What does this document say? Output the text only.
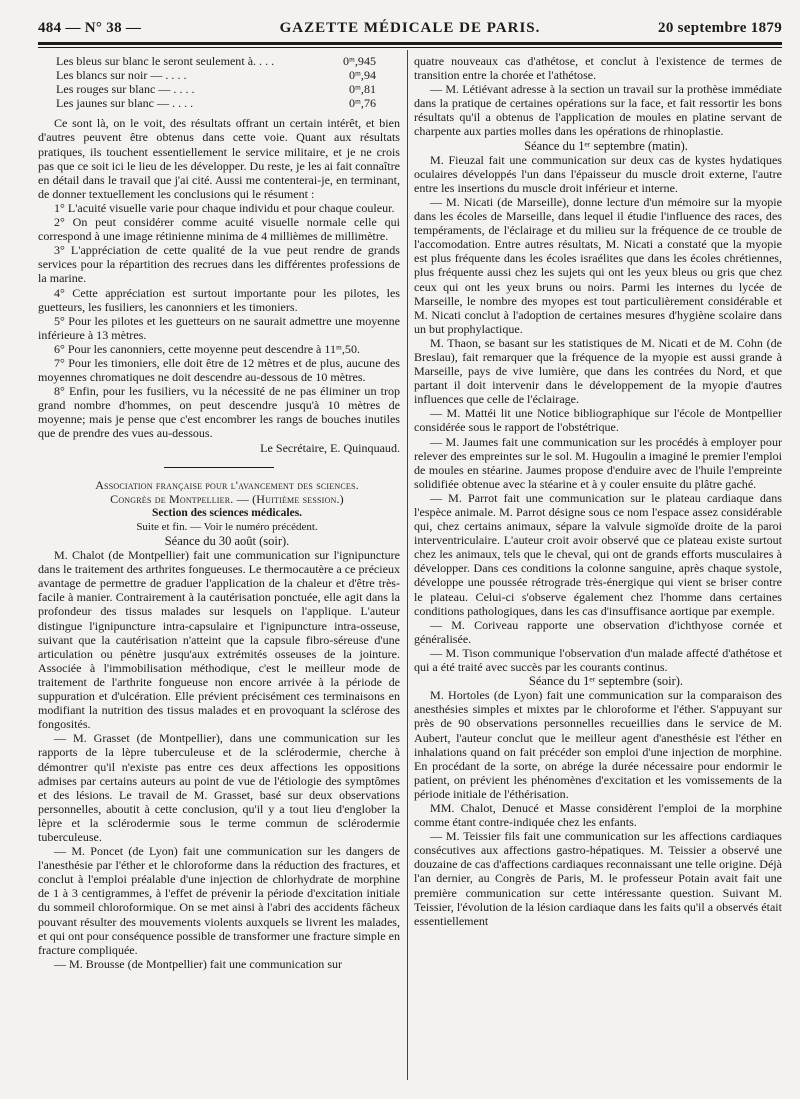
484 — N° 38 —	GAZETTE MÉDICALE DE PARIS.	20 septembre 1879
Les bleus sur blanc le seront seulement à. . . .	0ᵐ,945
Les blancs sur noir — . . . .	0ᵐ,94
Les rouges sur blanc — . . . .	0ᵐ,81
Les jaunes sur blanc — . . . .	0ᵐ,76

Ce sont là, on le voit, des résultats offrant un certain intérêt, et bien d'autres peuvent être obtenus dans cette voie. Quant aux résultats pratiques, ils touchent essentiellement le service militaire, et je ne crois pas que ce soit ici le lieu de les développer. Du reste, je les ai fait connaître en détail dans le travail que j'ai cité. Aussi me contenterai-je, en terminant, de donner textuellement les conclusions qui le résument :

1° L'acuité visuelle varie pour chaque individu et pour chaque couleur.

2° On peut considérer comme acuité visuelle normale celle qui correspond à une image rétinienne minima de 4 millièmes de millimètre.

3° L'appréciation de cette qualité de la vue peut rendre de grands services pour la répartition des recrues dans les différentes professions de la marine.

4° Cette appréciation est surtout importante pour les pilotes, les guetteurs, les fusiliers, les canonniers et les timoniers.

5° Pour les pilotes et les guetteurs on ne saurait admettre une moyenne inférieure à 13 mètres.

6° Pour les canonniers, cette moyenne peut descendre à 11ᵐ,50.

7° Pour les timoniers, elle doit être de 12 mètres et de plus, aucune des moyennes chromatiques ne doit descendre au-dessous de 10 mètres.

8° Enfin, pour les fusiliers, vu la nécessité de ne pas éliminer un trop grand nombre d'hommes, on peut descendre jusqu'à 10 mètres de moyenne; mais je pense que c'est encombrer les rangs de bouches inutiles que de prendre des vues au-dessous.

Le Secrétaire, E. Quinquaud.

Association française pour l'avancement des sciences.

Congrès de Montpellier. — (Huitième session.)

Section des sciences médicales.

Suite et fin. — Voir le numéro précédent.

Séance du 30 août (soir).

M. Chalot (de Montpellier) fait une communication sur l'ignipuncture dans le traitement des arthrites fongueuses. Le thermocautère a ce précieux avantage de permettre de graduer l'application de la chaleur et d'être très-facile à manier. Contrairement à la cautérisation ponctuée, elle agit dans la profondeur des tissus malades sur lesquels on l'applique. L'auteur distingue l'ignipuncture intra-capsulaire et l'ignipuncture intra-osseuse, suivant que la cautérisation n'atteint que la capsule fibro-séreuse d'une articulation ou pénètre jusqu'aux extrémités osseuses de la jointure. Associée à l'immobilisation méthodique, c'est le meilleur mode de traitement de l'arthrite fongueuse non encore arrivée à la période de suppuration et d'ulcération. Elle prévient précisément ces terminaisons en modifiant la nutrition des tissus malades et en provoquant la sclérose des fongosités.

— M. Grasset (de Montpellier), dans une communication sur les rapports de la lèpre tuberculeuse et de la sclérodermie, cherche à démontrer qu'il n'existe pas entre ces deux affections les oppositions admises par certains auteurs au point de vue de l'étiologie des symptômes et des lésions. Le travail de M. Grasset, basé sur deux observations personnelles, aboutit à cette conclusion, qu'il y a tout lieu d'englober la lèpre et la sclérodermie sous le terme commun de sclérodermie tuberculeuse.

— M. Poncet (de Lyon) fait une communication sur les dangers de l'anesthésie par l'éther et le chloroforme dans la réduction des fractures, et conclut à l'emploi préalable d'une injection de chlorhydrate de morphine de 1 à 3 centigrammes, à l'effet de prévenir la période d'excitation initiale du sommeil chloroformique. On se met ainsi à l'abri des accidents fâcheux pouvant résulter des mouvements violents auxquels se livrent les malades, et qui ont pour conséquence possible de transformer une fracture simple en fracture compliquée.

— M. Brousse (de Montpellier) fait une communication sur

quatre nouveaux cas d'athétose, et conclut à l'existence de termes de transition entre la chorée et l'athétose.

— M. Létiévant adresse à la section un travail sur la prothèse immédiate dans la pratique de certaines opérations sur la face, et fait ressortir les bons résultats qu'il a obtenus de l'application de moules en platine servant de charpente aux parties molles dans les opérations de rhinoplastie.

Séance du 1ᵉʳ septembre (matin).

M. Fieuzal fait une communication sur deux cas de kystes hydatiques oculaires développés l'un dans l'épaisseur du muscle droit externe, l'autre entre les insertions du muscle droit inférieur et interne.

— M. Nicati (de Marseille), donne lecture d'un mémoire sur la myopie dans les écoles de Marseille, dans lequel il étudie l'influence des races, des tempéraments, de l'éclairage et du milieu sur la fréquence de ce trouble de l'accomodation. Entre autres résultats, M. Nicati a constaté que la myopie est plus fréquente dans les écoles israélites que dans les écoles chrétiennes, plus fréquente aussi chez les sujets qui ont les yeux bleus ou gris que chez ceux qui ont les yeux bruns ou noirs. Parmi les internes du lycée de Marseille, le nombre des myopes est tout particulièrement considérable et M. Nicati conclut à l'adoption de certaines mesures d'hygiène scolaire dans un but prophylactique.

M. Thaon, se basant sur les statistiques de M. Nicati et de M. Cohn (de Breslau), fait remarquer que la fréquence de la myopie est aussi grande à Marseille, pays de vive lumière, que dans les contrées du Nord, et que partant il doit intervenir dans le développement de la myopie d'autres influences que celle de l'éclairage.

— M. Mattéi lit une Notice bibliographique sur l'école de Montpellier considérée sous le rapport de l'obstétrique.

— M. Jaumes fait une communication sur les procédés à employer pour relever des empreintes sur le sol. M. Hugoulin a imaginé le premier l'emploi de moules en stéarine. Jaumes propose d'enduire avec de l'huile l'empreinte solidifiée obtenue avec la stéarine et à y couler ensuite du plâtre gaché.

— M. Parrot fait une communication sur le plateau cardiaque dans l'espèce animale. M. Parrot désigne sous ce nom l'espace assez considérable qui, chez certains animaux, sépare la valvule sigmoïde droite de la paroi interventriculaire. L'auteur croit avoir observé que ce plateau existe surtout chez les animaux, tels que le cheval, qui ont de grands efforts musculaires à développer. Dans ces conditions la colonne sanguine, après chaque systole, développe une poussée rétrograde très-énergique qui vient se briser contre le plateau. Celui-ci s'observe également chez l'homme dans certaines conditions pathologiques, dans les cas d'insuffisance aortique par exemple.

— M. Coriveau rapporte une observation d'ichthyose cornée et généralisée.

— M. Tison communique l'observation d'un malade affecté d'athétose et qui a été traité avec succès par les courants continus.

Séance du 1ᵉʳ septembre (soir).

M. Hortoles (de Lyon) fait une communication sur la comparaison des anesthésies simples et mixtes par le chloroforme et l'éther. S'appuyant sur près de 90 observations personnelles recueillies dans le service de M. Aubert, l'auteur conclut que le meilleur agent d'anesthésie est l'éther en inhalations quand on fait précéder son emploi d'une injection de morphine. En procédant de la sorte, on abrége la durée nécessaire pour endormir le patient, on prévient les phénomènes d'excitation et les vomissements de la période initiale de l'éthérisation.

MM. Chalot, Denucé et Masse considèrent l'emploi de la morphine comme étant contre-indiquée chez les enfants.

— M. Teissier fils fait une communication sur les affections cardiaques consécutives aux affections gastro-hépatiques. M. Teissier a observé une douzaine de cas d'affections cardiaques reconnaissant une telle origine. Déjà l'an dernier, au Congrès de Paris, M. le professeur Potain avait fait une première communication sur cette intéressante question. Suivant M. Teissier, l'évolution de la lésion cardiaque dans les faits qu'il a observés était essentiellement
